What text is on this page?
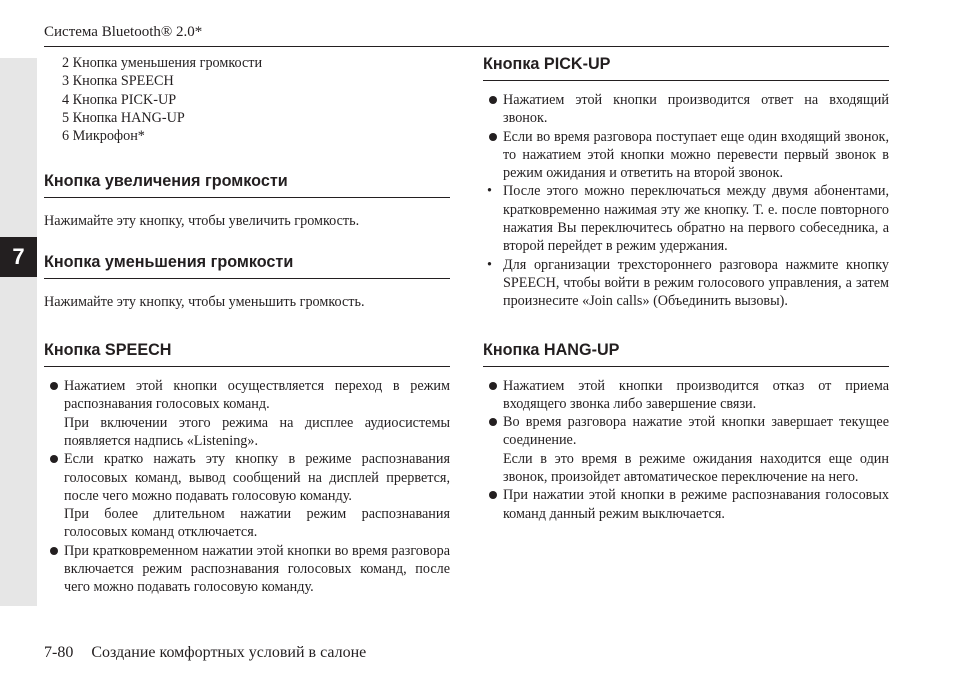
7
Система Bluetooth® 2.0*
2 Кнопка уменьшения громкости
3 Кнопка SPEECH
4 Кнопка PICK-UP
5 Кнопка HANG-UP
6 Микрофон*
Кнопка увеличения громкости

Нажимайте эту кнопку, чтобы увеличить громкость.

Кнопка уменьшения громкости

Нажимайте эту кнопку, чтобы уменьшить громкость.

Кнопка SPEECH

Нажатием этой кнопки осуществляется переход в режим распознавания голосовых команд.

При включении этого режима на дисплее аудиосистемы появляется надпись «Listening».

Если кратко нажать эту кнопку в режиме распознавания голосовых команд, вывод сообщений на дисплей прервется, после чего можно подавать голосовую команду.

При более длительном нажатии режим распознавания голосовых команд отключается.

При кратковременном нажатии этой кнопки во время разговора включается режим распознавания голосовых команд, после чего можно подавать голосовую команду.

Кнопка PICK-UP

Нажатием этой кнопки производится ответ на входящий звонок.

Если во время разговора поступает еще один входящий звонок, то нажатием этой кнопки можно перевести первый звонок в режим ожидания и ответить на второй звонок.

• После этого можно переключаться между двумя абонентами, кратковременно нажимая эту же кнопку. Т. е. после повторного нажатия Вы переключитесь обратно на первого собеседника, а второй перейдет в режим удержания.
• Для организации трехстороннего разговора нажмите кнопку SPEECH, чтобы войти в режим голосового управления, а затем произнесите «Join calls» (Объединить вызовы).
Кнопка HANG-UP

Нажатием этой кнопки производится отказ от приема входящего звонка либо завершение связи.

Во время разговора нажатие этой кнопки завершает текущее соединение.

Если в это время в режиме ожидания находится еще один звонок, произойдет автоматическое переключение на него.

При нажатии этой кнопки в режиме распознавания голосовых команд данный режим выключается.

7-80 Создание комфортных условий в салоне
